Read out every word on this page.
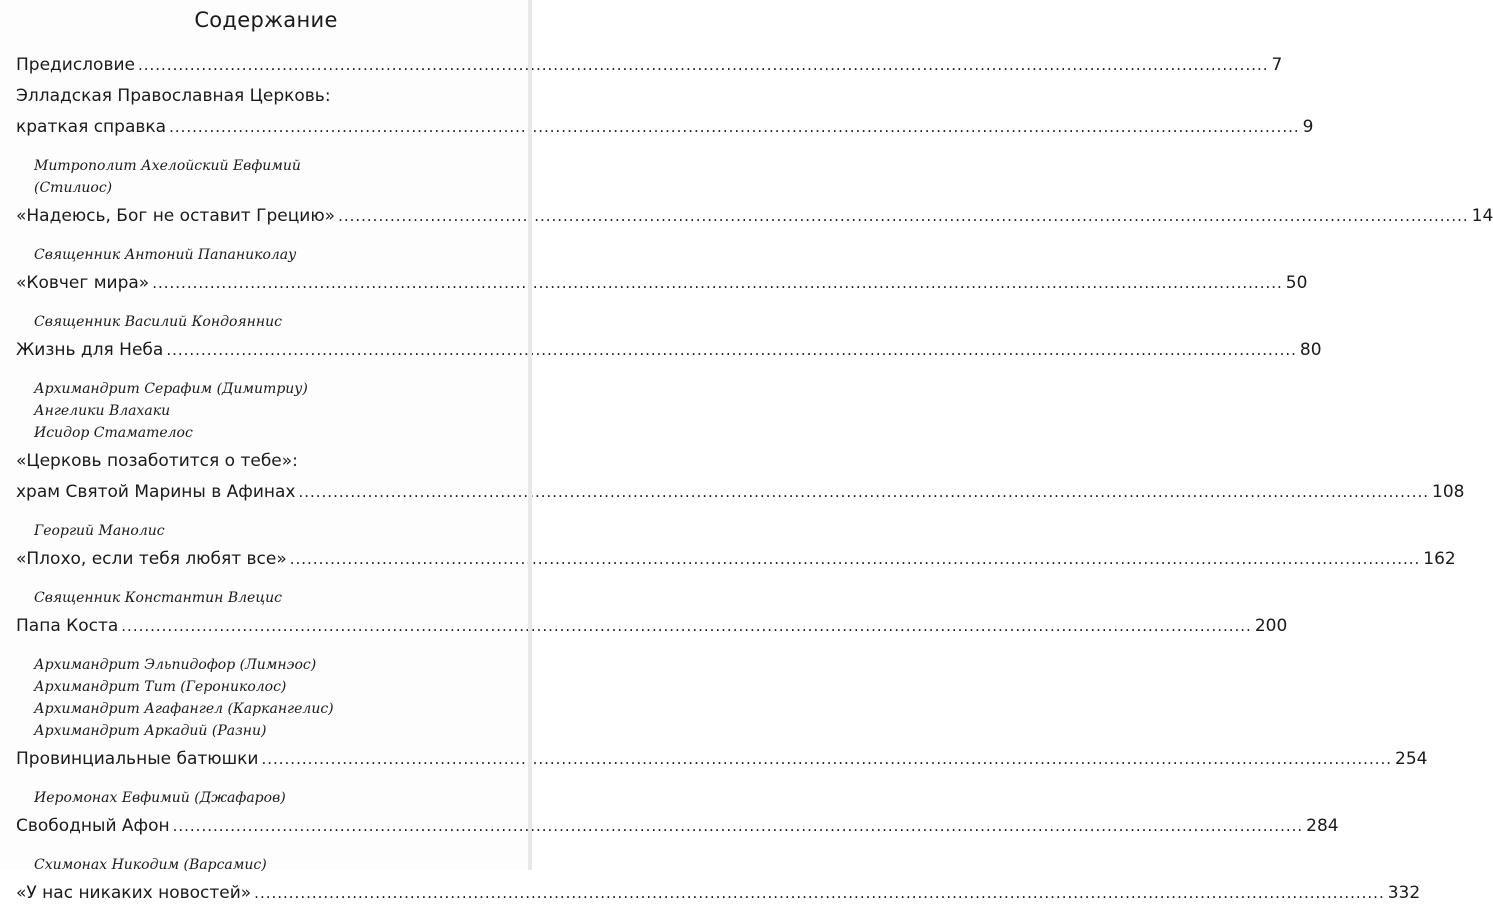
Содержание
Предисловие .....	7
Элладская Православная Церковь:
краткая справка .....	9
Митрополит Ахелойский Евфимий
(Стилиос)
«Надеюсь, Бог не оставит Грецию» .....	14
Священник Антоний Папаниколау
«Ковчег мира» .....	50
Священник Василий Кондояннис
Жизнь для Неба .....	80
Архимандрит Серафим (Димитриу)
Ангелики Влахаки
Исидор Стамателос
«Церковь позаботится о тебе»:
храм Святой Марины в Афинах .....	108
Георгий Манолис
«Плохо, если тебя любят все» .....	162
Священник Константин Влецис
Папа Коста .....	200
Архимандрит Эльпидофор (Лимнэос)
Архимандрит Тит (Герониколос)
Архимандрит Агафангел (Каркангелис)
Архимандрит Аркадий (Разни)
Провинциальные батюшки .....	254
Иеромонах Евфимий (Джафаров)
Свободный Афон .....	284
Схимонах Никодим (Варсамис)
«У нас никаких новостей» .....	332
